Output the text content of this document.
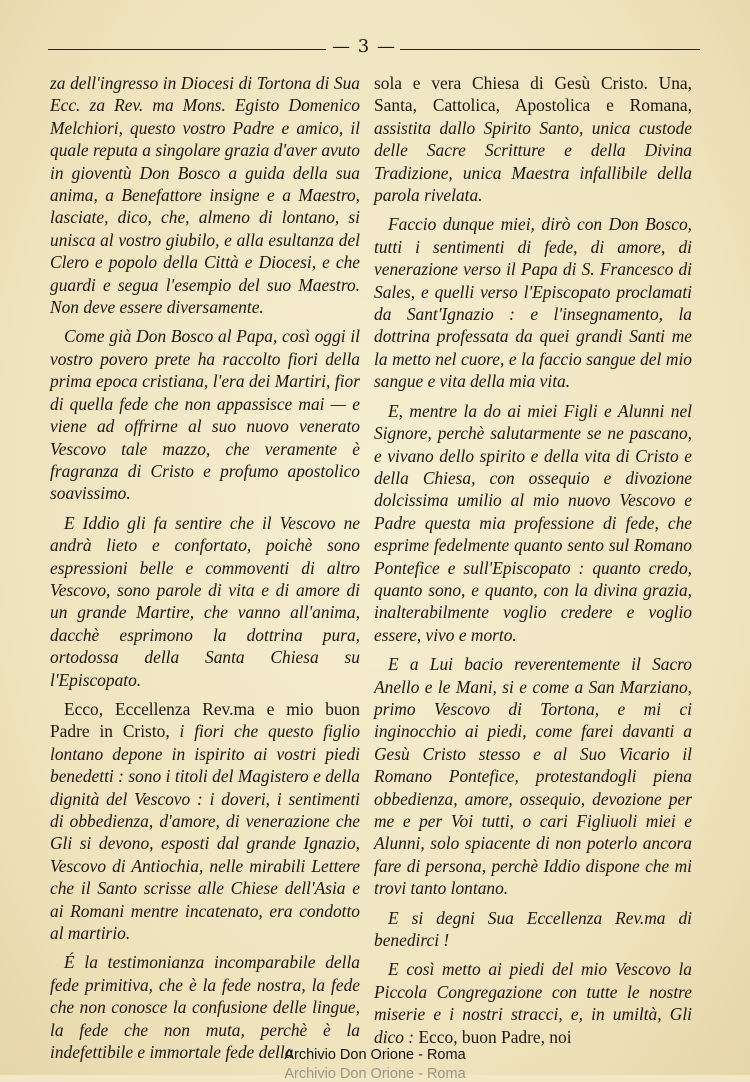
— 3 —

za dell'ingresso in Diocesi di Tortona di Sua Ecc. za Rev. ma Mons. Egisto Domenico Melchiori, questo vostro Padre e amico, il quale reputa a singolare grazia d'aver avuto in gioventù Don Bosco a guida della sua anima, a Benefattore insigne e a Maestro, lasciate, dico, che, almeno di lontano, si unisca al vostro giubilo, e alla esultanza del Clero e popolo della Città e Diocesi, e che guardi e segua l'esempio del suo Maestro. Non deve essere diversamente.

Come già Don Bosco al Papa, così oggi il vostro povero prete ha raccolto fiori della prima epoca cristiana, l'era dei Martiri, fior di quella fede che non appassisce mai — e viene ad offrirne al suo nuovo venerato Vescovo tale mazzo, che veramente è fragranza di Cristo e profumo apostolico soavissimo.

E Iddio gli fa sentire che il Vescovo ne andrà lieto e confortato, poichè sono espressioni belle e commoventi di altro Vescovo, sono parole di vita e di amore di un grande Martire, che vanno all'anima, dacchè esprimono la dottrina pura, ortodossa della Santa Chiesa su l'Episcopato.

Ecco, Eccellenza Rev.ma e mio buon Padre in Cristo, i fiori che questo figlio lontano depone in ispirito ai vostri piedi benedetti : sono i titoli del Magistero e della dignità del Vescovo : i doveri, i sentimenti di obbedienza, d'amore, di venerazione che Gli si devono, esposti dal grande Ignazio, Vescovo di Antiochia, nelle mirabili Lettere che il Santo scrisse alle Chiese dell'Asia e ai Romani mentre incatenato, era condotto al martirio.

É la testimonianza incomparabile della fede primitiva, che è la fede nostra, la fede che non conosce la confusione delle lingue, la fede che non muta, perchè è la indefettibile e immortale fede della

sola e vera Chiesa di Gesù Cristo. Una, Santa, Cattolica, Apostolica e Romana, assistita dallo Spirito Santo, unica custode delle Sacre Scritture e della Divina Tradizione, unica Maestra infallibile della parola rivelata.

Faccio dunque miei, dirò con Don Bosco, tutti i sentimenti di fede, di amore, di venerazione verso il Papa di S. Francesco di Sales, e quelli verso l'Episcopato proclamati da Sant'Ignazio : e l'insegnamento, la dottrina professata da quei grandi Santi me la metto nel cuore, e la faccio sangue del mio sangue e vita della mia vita.

E, mentre la do ai miei Figli e Alunni nel Signore, perchè salutarmente se ne pascano, e vivano dello spirito e della vita di Cristo e della Chiesa, con ossequio e divozione dolcissima umilio al mio nuovo Vescovo e Padre questa mia professione di fede, che esprime fedelmente quanto sento sul Romano Pontefice e sull'Episcopato : quanto credo, quanto sono, e quanto, con la divina grazia, inalterabilmente voglio credere e voglio essere, vivo e morto.

E a Lui bacio reverentemente il Sacro Anello e le Mani, si e come a San Marziano, primo Vescovo di Tortona, e mi ci inginocchio ai piedi, come farei davanti a Gesù Cristo stesso e al Suo Vicario il Romano Pontefice, protestandogli piena obbedienza, amore, ossequio, devozione per me e per Voi tutti, o cari Figliuoli miei e Alunni, solo spiacente di non poterlo ancora fare di persona, perchè Iddio dispone che mi trovi tanto lontano.

E si degni Sua Eccellenza Rev.ma di benedirci !

E così metto ai piedi del mio Vescovo la Piccola Congregazione con tutte le nostre miserie e i nostri stracci, e, in umiltà, Gli dico : Ecco, buon Padre, noi

Archivio Don Orione - Roma
Archivio Don Orione - Roma
